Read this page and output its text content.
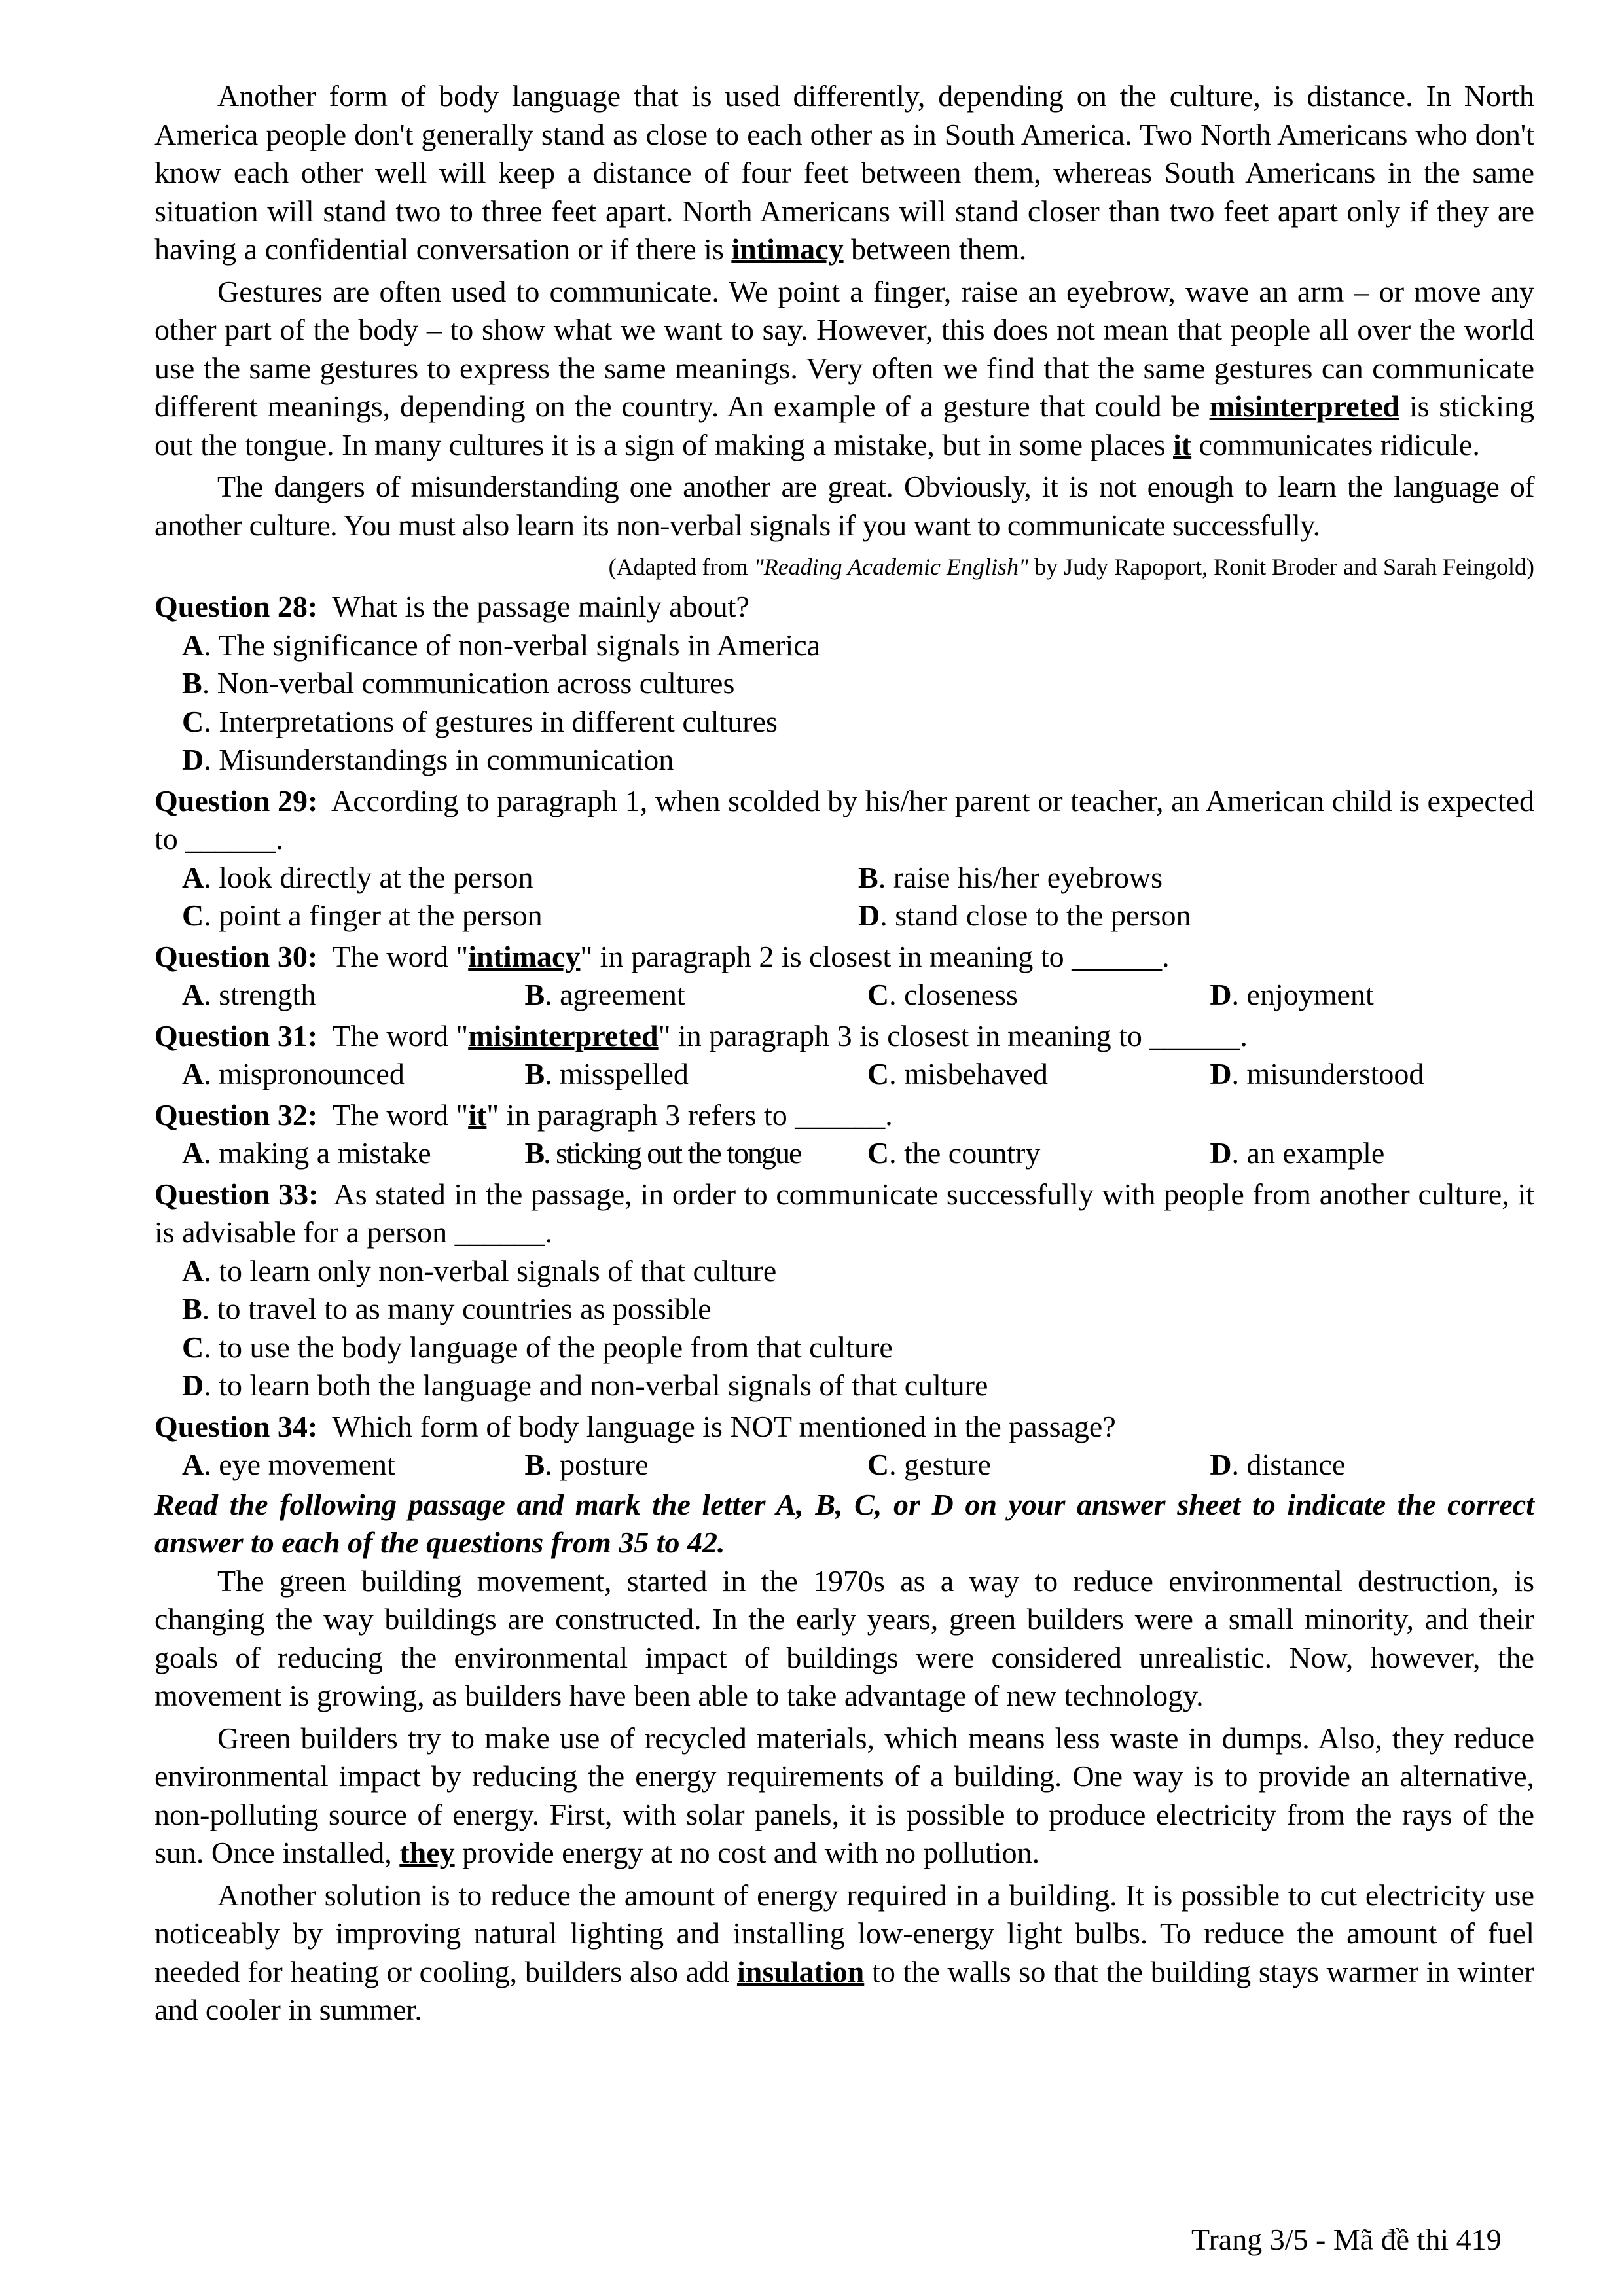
Another form of body language that is used differently, depending on the culture, is distance. In North America people don't generally stand as close to each other as in South America. Two North Americans who don't know each other well will keep a distance of four feet between them, whereas South Americans in the same situation will stand two to three feet apart. North Americans will stand closer than two feet apart only if they are having a confidential conversation or if there is intimacy between them.

Gestures are often used to communicate. We point a finger, raise an eyebrow, wave an arm – or move any other part of the body – to show what we want to say. However, this does not mean that people all over the world use the same gestures to express the same meanings. Very often we find that the same gestures can communicate different meanings, depending on the country. An example of a gesture that could be misinterpreted is sticking out the tongue. In many cultures it is a sign of making a mistake, but in some places it communicates ridicule.

The dangers of misunderstanding one another are great. Obviously, it is not enough to learn the language of another culture. You must also learn its non-verbal signals if you want to communicate successfully.

(Adapted from "Reading Academic English" by Judy Rapoport, Ronit Broder and Sarah Feingold)

Question 28: What is the passage mainly about?

A. The significance of non-verbal signals in America

B. Non-verbal communication across cultures

C. Interpretations of gestures in different cultures

D. Misunderstandings in communication

Question 29: According to paragraph 1, when scolded by his/her parent or teacher, an American child is expected to ______.

A. look directly at the person	B. raise his/her eyebrows
C. point a finger at the person	D. stand close to the person

Question 30: The word "intimacy" in paragraph 2 is closest in meaning to ______.

A. strength	B. agreement	C. closeness	D. enjoyment

Question 31: The word "misinterpreted" in paragraph 3 is closest in meaning to ______.

A. mispronounced	B. misspelled	C. misbehaved	D. misunderstood

Question 32: The word "it" in paragraph 3 refers to ______.

A. making a mistake	B. sticking out the tongue	C. the country	D. an example

Question 33: As stated in the passage, in order to communicate successfully with people from another culture, it is advisable for a person ______.

A. to learn only non-verbal signals of that culture

B. to travel to as many countries as possible

C. to use the body language of the people from that culture

D. to learn both the language and non-verbal signals of that culture

Question 34: Which form of body language is NOT mentioned in the passage?

A. eye movement	B. posture	C. gesture	D. distance

Read the following passage and mark the letter A, B, C, or D on your answer sheet to indicate the correct answer to each of the questions from 35 to 42.

The green building movement, started in the 1970s as a way to reduce environmental destruction, is changing the way buildings are constructed. In the early years, green builders were a small minority, and their goals of reducing the environmental impact of buildings were considered unrealistic. Now, however, the movement is growing, as builders have been able to take advantage of new technology.

Green builders try to make use of recycled materials, which means less waste in dumps. Also, they reduce environmental impact by reducing the energy requirements of a building. One way is to provide an alternative, non-polluting source of energy. First, with solar panels, it is possible to produce electricity from the rays of the sun. Once installed, they provide energy at no cost and with no pollution.

Another solution is to reduce the amount of energy required in a building. It is possible to cut electricity use noticeably by improving natural lighting and installing low-energy light bulbs. To reduce the amount of fuel needed for heating or cooling, builders also add insulation to the walls so that the building stays warmer in winter and cooler in summer.

Trang 3/5 - Mã đề thi 419
